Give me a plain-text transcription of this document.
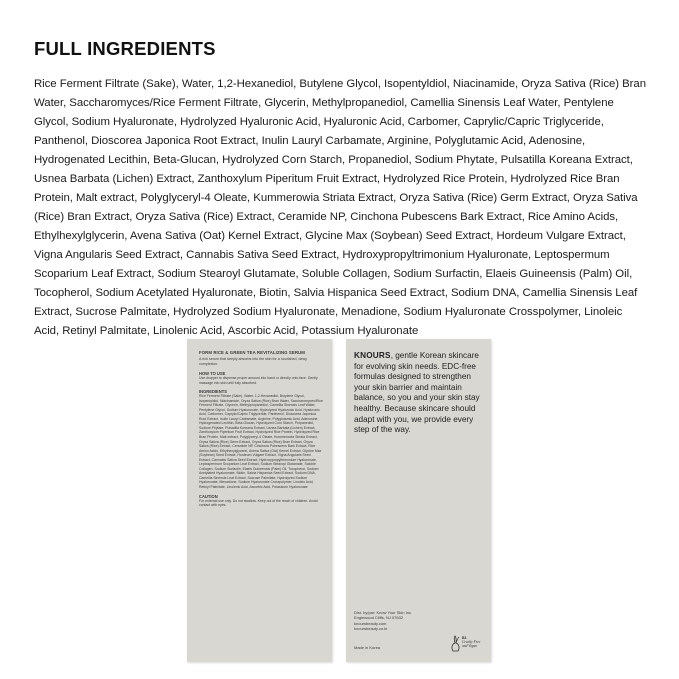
FULL INGREDIENTS
Rice Ferment Filtrate (Sake), Water, 1,2-Hexanediol, Butylene Glycol, Isopentyldiol, Niacinamide, Oryza Sativa (Rice) Bran Water, Saccharomyces/Rice Ferment Filtrate, Glycerin, Methylpropanediol, Camellia Sinensis Leaf Water, Pentylene Glycol, Sodium Hyaluronate, Hydrolyzed Hyaluronic Acid, Hyaluronic Acid, Carbomer, Caprylic/Capric Triglyceride, Panthenol, Dioscorea Japonica Root Extract, Inulin Lauryl Carbamate, Arginine, Polyglutamic Acid, Adenosine, Hydrogenated Lecithin, Beta-Glucan, Hydrolyzed Corn Starch, Propanediol, Sodium Phytate, Pulsatilla Koreana Extract, Usnea Barbata (Lichen) Extract, Zanthoxylum Piperitum Fruit Extract, Hydrolyzed Rice Protein, Hydrolyzed Rice Bran Protein, Malt extract, Polyglyceryl-4 Oleate, Kummerowia Striata Extract, Oryza Sativa (Rice) Germ Extract, Oryza Sativa (Rice) Bran Extract, Oryza Sativa (Rice) Extract, Ceramide NP, Cinchona Pubescens Bark Extract, Rice Amino Acids, Ethylhexylglycerin, Avena Sativa (Oat) Kernel Extract, Glycine Max (Soybean) Seed Extract, Hordeum Vulgare Extract, Vigna Angularis Seed Extract, Cannabis Sativa Seed Extract, Hydroxypropyltrimonium Hyaluronate, Leptospermum Scoparium Leaf Extract, Sodium Stearoyl Glutamate, Soluble Collagen, Sodium Surfactin, Elaeis Guineensis (Palm) Oil, Tocopherol, Sodium Acetylated Hyaluronate, Biotin, Salvia Hispanica Seed Extract, Sodium DNA, Camellia Sinensis Leaf Extract, Sucrose Palmitate, Hydrolyzed Sodium Hyaluronate, Menadione, Sodium Hyaluronate Crosspolymer, Linoleic Acid, Retinyl Palmitate, Linolenic Acid, Ascorbic Acid, Potassium Hyaluronate
FORM RICE & GREEN TEA REVITALIZING SERUM
A rich serum that deeply absorbs into the skin for a nourished, dewy complexion.
HOW TO USE
Use dropper to dispense proper amount into hand or directly onto face. Gently massage into skin until fully absorbed.
INGREDIENTS
Rice Ferment Filtrate (Sake), Water, 1,2-Hexanediol, Butylene Glycol, Isopentyldiol, Niacinamide, Oryza Sativa (Rice) Bran Water, Saccharomyces/Rice Ferment Filtrate, Glycerin, Methylpropanediol, Camellia Sinensis Leaf Water, Pentylene Glycol, Sodium Hyaluronate, Hydrolyzed Hyaluronic Acid, Hyaluronic Acid, Carbomer, Caprylic/Capric Triglyceride, Panthenol, Dioscorea Japonica Root Extract, Inulin Lauryl Carbamate, Arginine, Polyglutamic Acid, Adenosine, Hydrogenated Lecithin, Beta-Glucan, Hydrolyzed Corn Starch, Propanediol, Sodium Phytate, Pulsatilla Koreana Extract, Usnea Barbata (Lichen) Extract, Zanthoxylum Piperitum Fruit Extract, Hydrolyzed Rice Protein, Hydrolyzed Rice Bran Protein, Malt extract, Polyglyceryl-4 Oleate, Kummerowia Striata Extract, Oryza Sativa (Rice) Germ Extract, Oryza Sativa (Rice) Bran Extract, Oryza Sativa (Rice) Extract, Ceramide NP, Cinchona Pubescens Bark Extract, Rice Amino Acids, Ethylhexylglycerin, Avena Sativa (Oat) Kernel Extract, Glycine Max (Soybean) Seed Extract, Hordeum Vulgare Extract, Vigna Angularis Seed Extract, Cannabis Sativa Seed Extract, Hydroxypropyltrimonium Hyaluronate, Leptospermum Scoparium Leaf Extract, Sodium Stearoyl Glutamate, Soluble Collagen, Sodium Surfactin, Elaeis Guineensis (Palm) Oil, Tocopherol, Sodium Acetylated Hyaluronate, Biotin, Salvia Hispanica Seed Extract, Sodium DNA, Camellia Sinensis Leaf Extract, Sucrose Palmitate, Hydrolyzed Sodium Hyaluronate, Menadione, Sodium Hyaluronate Crosspolymer, Linoleic Acid, Retinyl Palmitate, Linolenic Acid, Ascorbic Acid, Potassium Hyaluronate
CAUTION
For external use only. Do not swallow. Keep out of the reach of children. Avoid contact with eyes.
KNOURS, gentle Korean skincare for evolving skin needs. EDC-free formulas designed to strengthen your skin barrier and maintain balance, so you and your skin stay healthy. Because skincare should adapt with you, we provide every step of the way.
Dist. by/par: Know Your Skin Inc.
Englewood Cliffs, NJ 07632
knoursbeauty.com
knoursbeauty.co.kr
Made in Korea
B1
Cruelty Free
and Vegan
